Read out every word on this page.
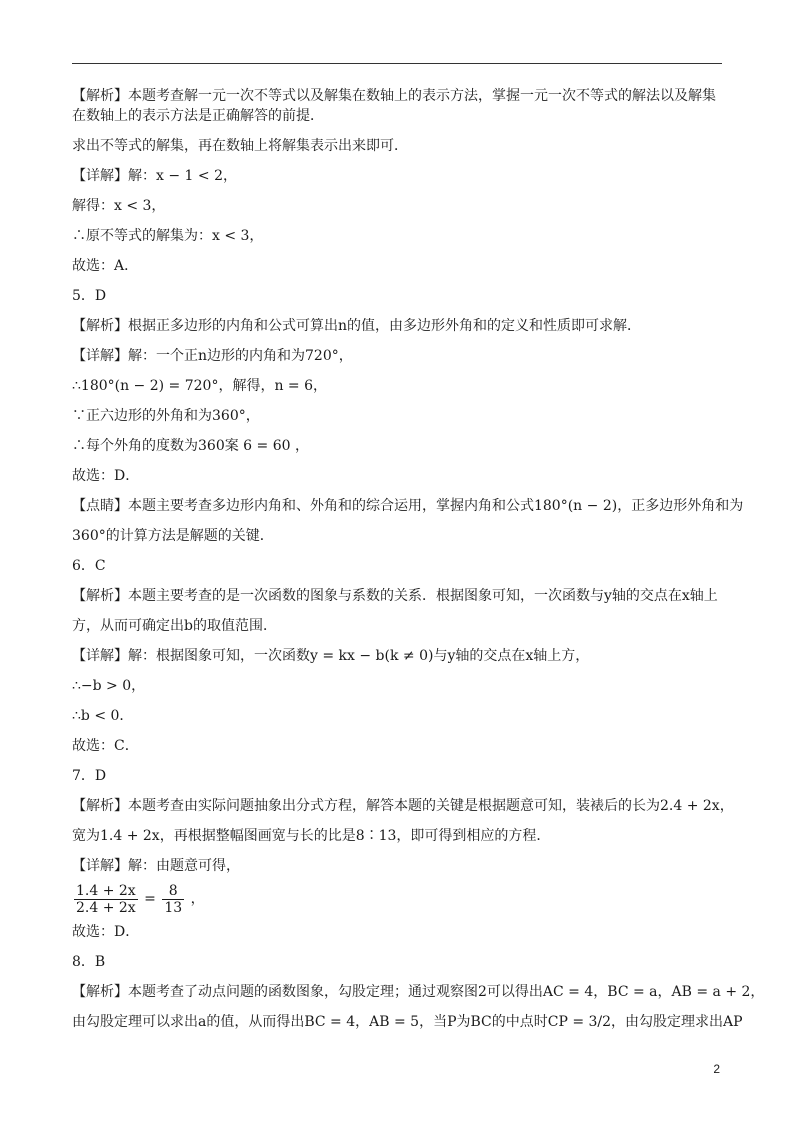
【解析】本题考查解一元一次不等式以及解集在数轴上的表示方法，掌握一元一次不等式的解法以及解集

在数轴上的表示方法是正确解答的前提．

求出不等式的解集，再在数轴上将解集表示出来即可．

【详解】解：x − 1 < 2，

解得：x < 3，

∴原不等式的解集为：x < 3，

故选：A．

5．D

【解析】根据正多边形的内角和公式可算出n的值，由多边形外角和的定义和性质即可求解．

【详解】解：一个正n边形的内角和为720°，

∴180°(n − 2) = 720°，解得，n = 6，

∵正六边形的外角和为360°，

∴每个外角的度数为360案 6 = 60 ，

故选：D．

【点睛】本题主要考查多边形内角和、外角和的综合运用，掌握内角和公式180°(n − 2)，正多边形外角和为

360°的计算方法是解题的关键．

6．C

【解析】本题主要考查的是一次函数的图象与系数的关系．根据图象可知，一次函数与y轴的交点在x轴上

方，从而可确定出b的取值范围．

【详解】解：根据图象可知，一次函数y = kx − b(k ≠ 0)与y轴的交点在x轴上方，

∴−b > 0，

∴b < 0．

故选：C．

7．D

【解析】本题考查由实际问题抽象出分式方程，解答本题的关键是根据题意可知，装裱后的长为2.4 + 2x，

宽为1.4 + 2x，再根据整幅图画宽与长的比是8∶13，即可得到相应的方程．

【详解】解：由题意可得，

$\frac{1.4 + 2x}{2.4 + 2x} = \frac{8}{13}$ ，

故选：D．

8．B

【解析】本题考查了动点问题的函数图象，勾股定理；通过观察图2可以得出AC = 4，BC = a，AB = a + 2，

由勾股定理可以求出a的值，从而得出BC = 4，AB = 5，当P为BC的中点时CP = 3/2，由勾股定理求出AP

2
